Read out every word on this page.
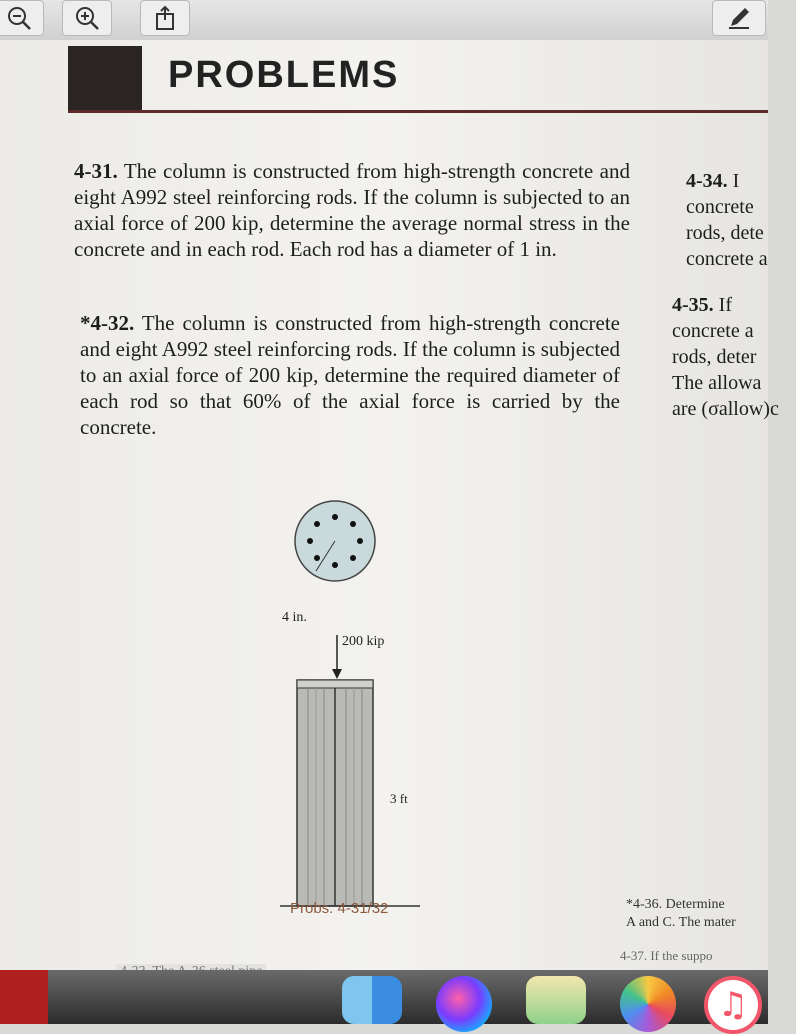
PROBLEMS
4-31. The column is constructed from high-strength concrete and eight A992 steel reinforcing rods. If the column is subjected to an axial force of 200 kip, determine the average normal stress in the concrete and in each rod. Each rod has a diameter of 1 in.
*4-32. The column is constructed from high-strength concrete and eight A992 steel reinforcing rods. If the column is subjected to an axial force of 200 kip, determine the required diameter of each rod so that 60% of the axial force is carried by the concrete.
4-34. I
concrete
rods, dete
concrete a
4-35. If
concrete a
rods, deter
The allowa
are (σallow)c
4 in.
200 kip
3 ft
Probs. 4-31/32	*4-36. Determine
A and C. The mater
4-37. If the suppo
♫
